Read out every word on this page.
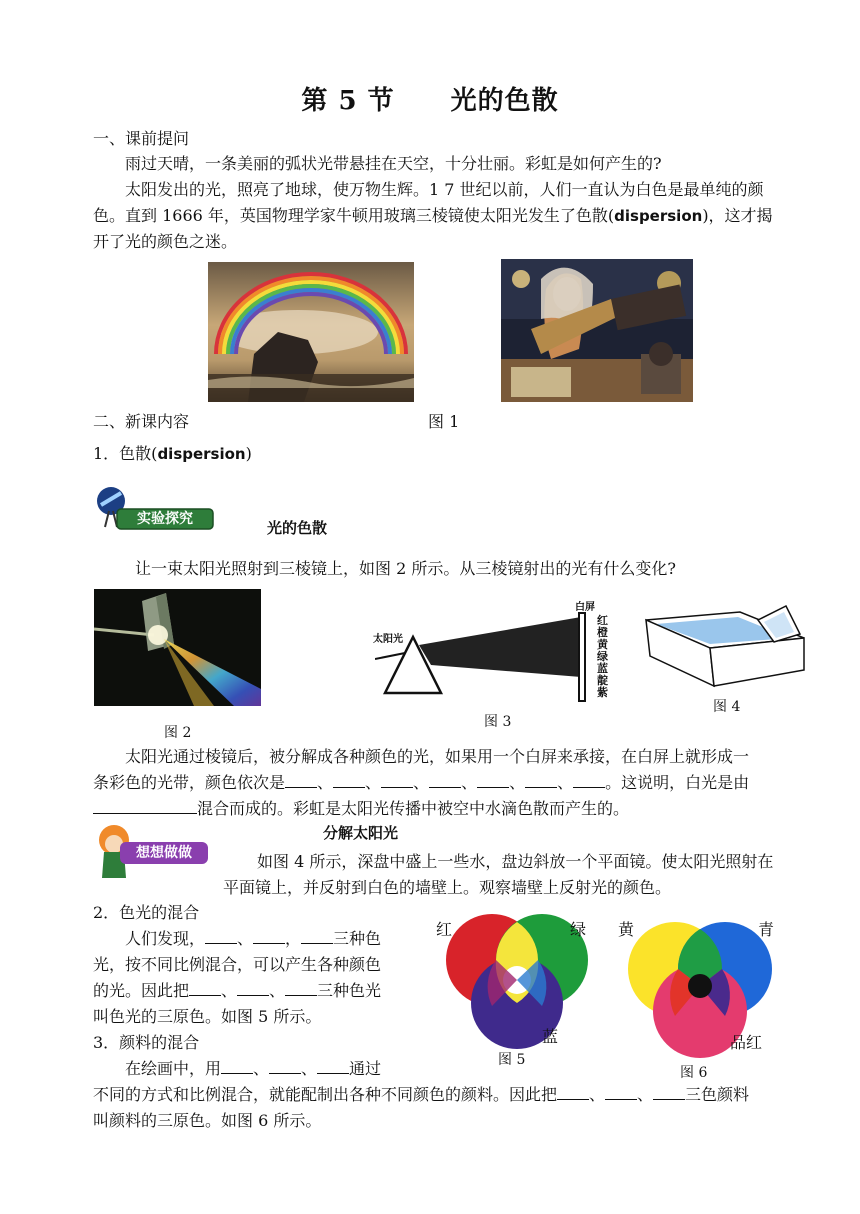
第 5 节 光的色散
一、课前提问
雨过天晴，一条美丽的弧状光带悬挂在天空，十分壮丽。彩虹是如何产生的?
太阳发出的光，照亮了地球，使万物生辉。1 7 世纪以前，人们一直认为白色是最单纯的颜
色。直到 1666 年，英国物理学家牛顿用玻璃三棱镜使太阳光发生了色散(dispersion)，这才揭
开了光的颜色之迷。
二、新课内容	图 1
1．色散(dispersion)
实验探究	光的色散
让一束太阳光照射到三棱镜上，如图 2 所示。从三棱镜射出的光有什么变化?
图 2
太阳光
白屏
红橙黄绿蓝靛紫
图 3
图 4
太阳光通过棱镜后，被分解成各种颜色的光，如果用一个白屏来承接，在白屏上就形成一
条彩色的光带，颜色依次是 、 、 、 、 、 、 。这说明，白光是由
混合而成的。彩虹是太阳光传播中被空中水滴色散而产生的。
想想做做
分解太阳光
如图 4 所示，深盘中盛上一些水，盘边斜放一个平面镜。使太阳光照射在
平面镜上，并反射到白色的墙壁上。观察墙壁上反射光的颜色。
2．色光的混合
人们发现， 、 ， 三种色
光，按不同比例混合，可以产生各种颜色
的光。因此把 、 、 三种色光
叫色光的三原色。如图 5 所示。
3．颜料的混合
在绘画中，用 、 、 通过
不同的方式和比例混合，就能配制出各种不同颜色的颜料。因此把 、 、 三色颜料
叫颜料的三原色。如图 6 所示。
红	绿
蓝
图 5
黄	青
品红
图 6
